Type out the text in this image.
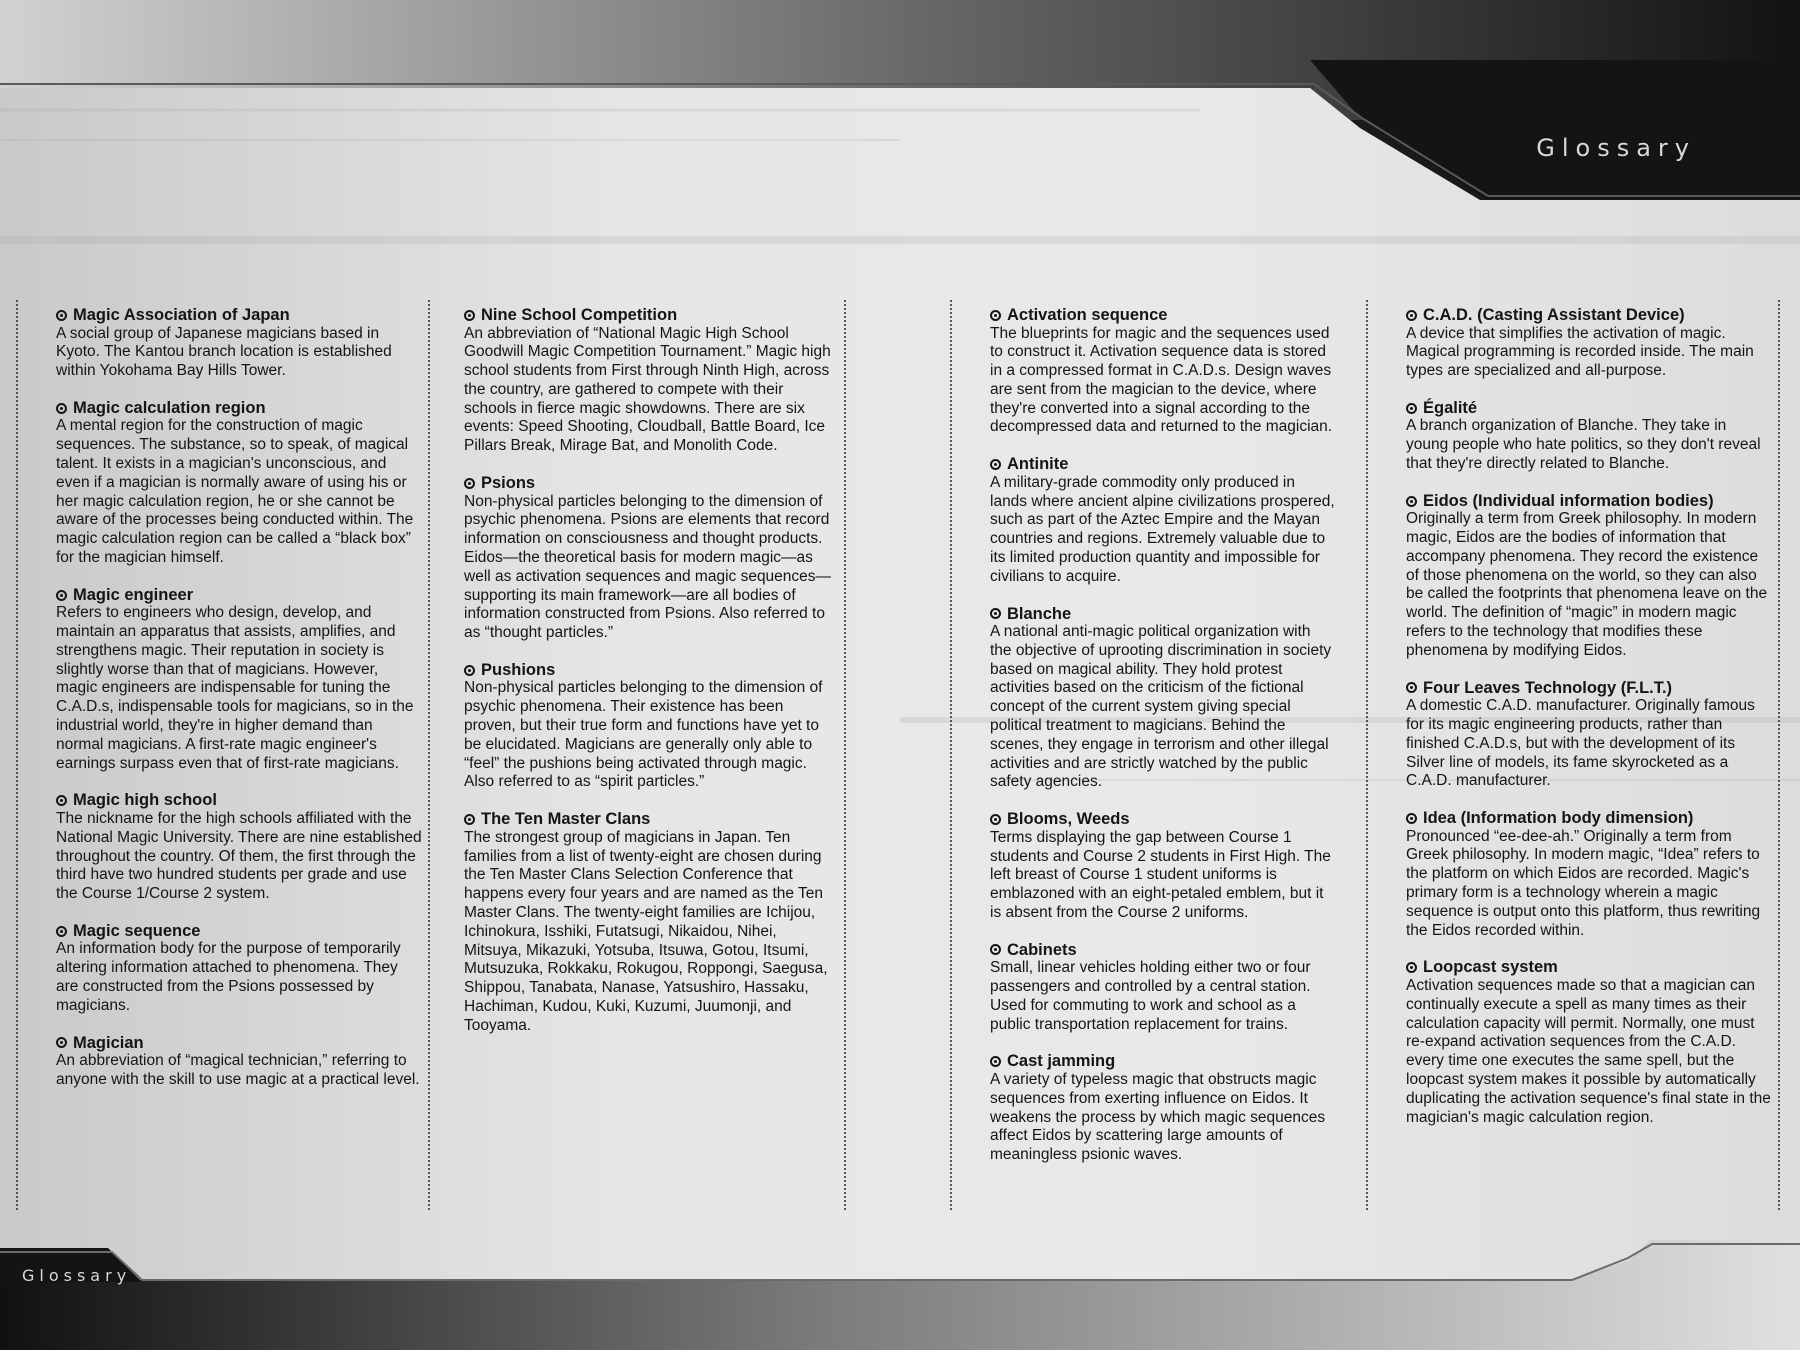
Glossary
Glossary
Magic Association of Japan
A social group of Japanese magicians based in Kyoto. The Kantou branch location is established within Yokohama Bay Hills Tower.
Magic calculation region
A mental region for the construction of magic sequences. The substance, so to speak, of magical talent. It exists in a magician's unconscious, and even if a magician is normally aware of using his or her magic calculation region, he or she cannot be aware of the processes being conducted within. The magic calculation region can be called a “black box” for the magician himself.
Magic engineer
Refers to engineers who design, develop, and maintain an apparatus that assists, amplifies, and strengthens magic. Their reputation in society is slightly worse than that of magicians. However, magic engineers are indispensable for tuning the C.A.D.s, indispensable tools for magicians, so in the industrial world, they're in higher demand than normal magicians. A first-rate magic engineer's earnings surpass even that of first-rate magicians.
Magic high school
The nickname for the high schools affiliated with the National Magic University. There are nine established throughout the country. Of them, the first through the third have two hundred students per grade and use the Course 1/Course 2 system.
Magic sequence
An information body for the purpose of temporarily altering information attached to phenomena. They are constructed from the Psions possessed by magicians.
Magician
An abbreviation of “magical technician,” referring to anyone with the skill to use magic at a practical level.
Nine School Competition
An abbreviation of “National Magic High School Goodwill Magic Competition Tournament.” Magic high school students from First through Ninth High, across the country, are gathered to compete with their schools in fierce magic showdowns. There are six events: Speed Shooting, Cloudball, Battle Board, Ice Pillars Break, Mirage Bat, and Monolith Code.
Psions
Non-physical particles belonging to the dimension of psychic phenomena. Psions are elements that record information on consciousness and thought products. Eidos—the theoretical basis for modern magic—as well as activation sequences and magic sequences—supporting its main framework—are all bodies of information constructed from Psions. Also referred to as “thought particles.”
Pushions
Non-physical particles belonging to the dimension of psychic phenomena. Their existence has been proven, but their true form and functions have yet to be elucidated. Magicians are generally only able to “feel” the pushions being activated through magic. Also referred to as “spirit particles.”
The Ten Master Clans
The strongest group of magicians in Japan. Ten families from a list of twenty-eight are chosen during the Ten Master Clans Selection Conference that happens every four years and are named as the Ten Master Clans. The twenty-eight families are Ichijou, Ichinokura, Isshiki, Futatsugi, Nikaidou, Nihei, Mitsuya, Mikazuki, Yotsuba, Itsuwa, Gotou, Itsumi, Mutsuzuka, Rokkaku, Rokugou, Roppongi, Saegusa, Shippou, Tanabata, Nanase, Yatsushiro, Hassaku, Hachiman, Kudou, Kuki, Kuzumi, Juumonji, and Tooyama.
Activation sequence
The blueprints for magic and the sequences used to construct it. Activation sequence data is stored in a compressed format in C.A.D.s. Design waves are sent from the magician to the device, where they're converted into a signal according to the decompressed data and returned to the magician.
Antinite
A military-grade commodity only produced in lands where ancient alpine civilizations prospered, such as part of the Aztec Empire and the Mayan countries and regions. Extremely valuable due to its limited production quantity and impossible for civilians to acquire.
Blanche
A national anti-magic political organization with the objective of uprooting discrimination in society based on magical ability. They hold protest activities based on the criticism of the fictional concept of the current system giving special political treatment to magicians. Behind the scenes, they engage in terrorism and other illegal activities and are strictly watched by the public safety agencies.
Blooms, Weeds
Terms displaying the gap between Course 1 students and Course 2 students in First High. The left breast of Course 1 student uniforms is emblazoned with an eight-petaled emblem, but it is absent from the Course 2 uniforms.
Cabinets
Small, linear vehicles holding either two or four passengers and controlled by a central station. Used for commuting to work and school as a public transportation replacement for trains.
Cast jamming
A variety of typeless magic that obstructs magic sequences from exerting influence on Eidos. It weakens the process by which magic sequences affect Eidos by scattering large amounts of meaningless psionic waves.
C.A.D. (Casting Assistant Device)
A device that simplifies the activation of magic. Magical programming is recorded inside. The main types are specialized and all-purpose.
Égalité
A branch organization of Blanche. They take in young people who hate politics, so they don't reveal that they're directly related to Blanche.
Eidos (Individual information bodies)
Originally a term from Greek philosophy. In modern magic, Eidos are the bodies of information that accompany phenomena. They record the existence of those phenomena on the world, so they can also be called the footprints that phenomena leave on the world. The definition of “magic” in modern magic refers to the technology that modifies these phenomena by modifying Eidos.
Four Leaves Technology (F.L.T.)
A domestic C.A.D. manufacturer. Originally famous for its magic engineering products, rather than finished C.A.D.s, but with the development of its Silver line of models, its fame skyrocketed as a C.A.D. manufacturer.
Idea (Information body dimension)
Pronounced “ee-dee-ah.” Originally a term from Greek philosophy. In modern magic, “Idea” refers to the platform on which Eidos are recorded. Magic's primary form is a technology wherein a magic sequence is output onto this platform, thus rewriting the Eidos recorded within.
Loopcast system
Activation sequences made so that a magician can continually execute a spell as many times as their calculation capacity will permit. Normally, one must re-expand activation sequences from the C.A.D. every time one executes the same spell, but the loopcast system makes it possible by automatically duplicating the activation sequence's final state in the magician's magic calculation region.
